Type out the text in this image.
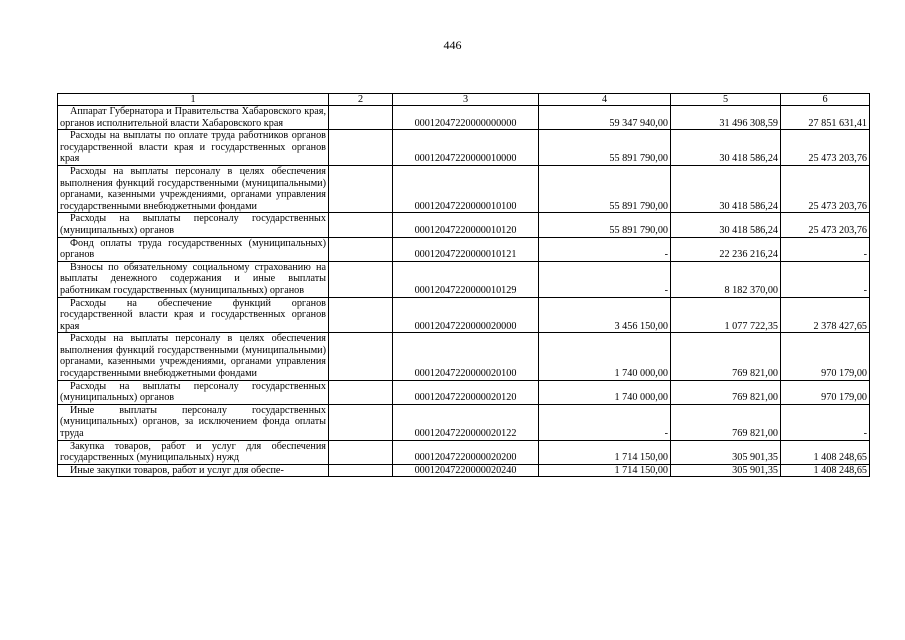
446
1	2	3	4	5	6
Аппарат Губернатора и Правительства Хабаровского края, органов исполнительной власти Хабаровского края		00012047220000000000	59 347 940,00	31 496 308,59	27 851 631,41
Расходы на выплаты по оплате труда работников органов государственной власти края и государственных органов края		00012047220000010000	55 891 790,00	30 418 586,24	25 473 203,76
Расходы на выплаты персоналу в целях обеспечения выполнения функций государственными (муниципальными) органами, казенными учреждениями, органами управления государственными внебюджетными фондами		00012047220000010100	55 891 790,00	30 418 586,24	25 473 203,76
Расходы на выплаты персоналу государственных (муниципальных) органов		00012047220000010120	55 891 790,00	30 418 586,24	25 473 203,76
Фонд оплаты труда государственных (муниципальных) органов		00012047220000010121	-	22 236 216,24	-
Взносы по обязательному социальному страхованию на выплаты денежного содержания и иные выплаты работникам государственных (муниципальных) органов		00012047220000010129	-	8 182 370,00	-
Расходы на обеспечение функций органов государственной власти края и государственных органов края		00012047220000020000	3 456 150,00	1 077 722,35	2 378 427,65
Расходы на выплаты персоналу в целях обеспечения выполнения функций государственными (муниципальными) органами, казенными учреждениями, органами управления государственными внебюджетными фондами		00012047220000020100	1 740 000,00	769 821,00	970 179,00
Расходы на выплаты персоналу государственных (муниципальных) органов		00012047220000020120	1 740 000,00	769 821,00	970 179,00
Иные выплаты персоналу государственных (муниципальных) органов, за исключением фонда оплаты труда		00012047220000020122	-	769 821,00	-
Закупка товаров, работ и услуг для обеспечения государственных (муниципальных) нужд		00012047220000020200	1 714 150,00	305 901,35	1 408 248,65
Иные закупки товаров, работ и услуг для обеспе-		00012047220000020240	1 714 150,00	305 901,35	1 408 248,65
